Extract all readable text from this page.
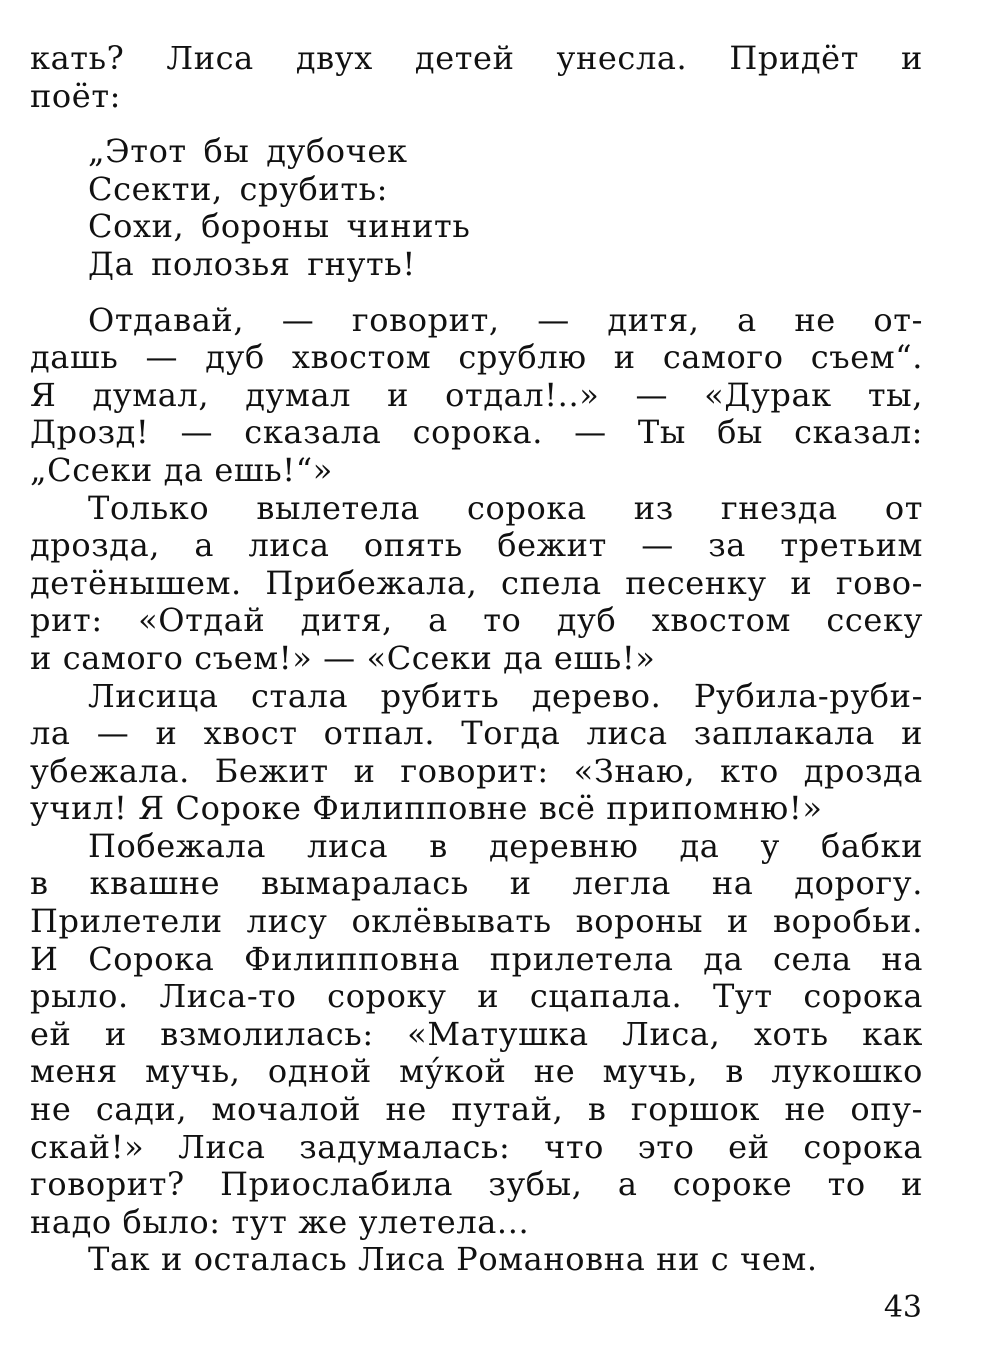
кать? Лиса двух детей унесла. Придёт и
поёт:
„Этот бы дубочек
Ссекти, срубить:
Сохи, бороны чинить
Да полозья гнуть!
Отдавай, — говорит, — дитя, а не от-
дашь — дуб хвостом срублю и самого съем“.
Я думал, думал и отдал!..» — «Дурак ты,
Дрозд! — сказала сорока. — Ты бы сказал:
„Ссеки да ешь!“»
Только вылетела сорока из гнезда от
дрозда, а лиса опять бежит — за третьим
детёнышем. Прибежала, спела песенку и гово-
рит: «Отдай дитя, а то дуб хвостом ссеку
и самого съем!» — «Ссеки да ешь!»
Лисица стала рубить дерево. Рубила-руби-
ла — и хвост отпал. Тогда лиса заплакала и
убежала. Бежит и говорит: «Знаю, кто дрозда
учил! Я Сороке Филипповне всё припомню!»
Побежала лиса в деревню да у бабки
в квашне вымаралась и легла на дорогу.
Прилетели лису оклёвывать вороны и воробьи.
И Сорока Филипповна прилетела да села на
рыло. Лиса-то сороку и сцапала. Тут сорока
ей и взмолилась: «Матушка Лиса, хоть как
меня мучь, одной му́кой не мучь, в лукошко
не сади, мочалой не путай, в горшок не опу-
скай!» Лиса задумалась: что это ей сорока
говорит? Приослабила зубы, а сороке то и
надо было: тут же улетела...
Так и осталась Лиса Романовна ни с чем.
43
